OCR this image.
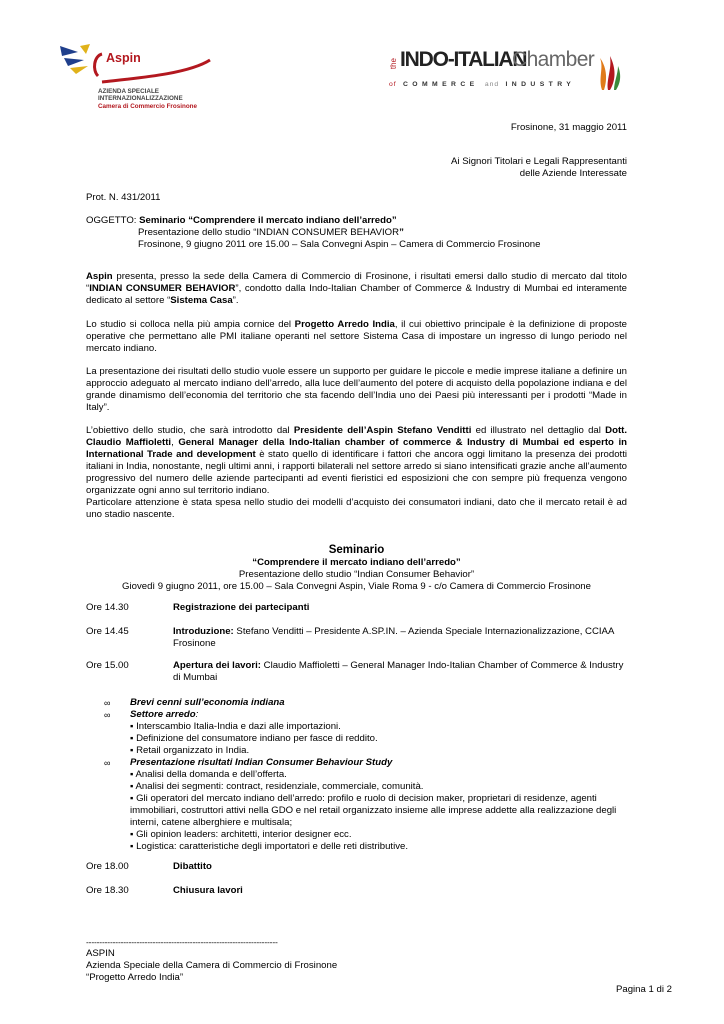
Aspin
AZIENDA SPECIALE
INTERNAZIONALIZZAZIONE
Camera di Commercio Frosinone
the INDO-ITALIAN
Chamber
of COMMERCE and INDUSTRY
Frosinone, 31 maggio 2011
Ai Signori Titolari e Legali Rappresentanti
delle Aziende Interessate
Prot. N. 431/2011
OGGETTO: Seminario “Comprendere il mercato indiano dell’arredo”
Presentazione dello studio “INDIAN CONSUMER BEHAVIOR”
Frosinone, 9 giugno 2011 ore 15.00 – Sala Convegni Aspin – Camera di Commercio Frosinone

Aspin presenta, presso la sede della Camera di Commercio di Frosinone, i risultati emersi dallo studio di mercato dal titolo “INDIAN CONSUMER BEHAVIOR”, condotto dalla Indo-Italian Chamber of Commerce & Industry di Mumbai ed interamente dedicato al settore “Sistema Casa”.

Lo studio si colloca nella più ampia cornice del Progetto Arredo India, il cui obiettivo principale è la definizione di proposte operative che permettano alle PMI italiane operanti nel settore Sistema Casa di impostare un ingresso di lungo periodo nel mercato indiano.

La presentazione dei risultati dello studio vuole essere un supporto per guidare le piccole e medie imprese italiane a definire un approccio adeguato al mercato indiano dell’arredo, alla luce dell’aumento del potere di acquisto della popolazione indiana e del grande dinamismo dell’economia del territorio che sta facendo dell’India uno dei Paesi più interessanti per i prodotti “Made in Italy”.

L’obiettivo dello studio, che sarà introdotto dal Presidente dell’Aspin Stefano Venditti ed illustrato nel dettaglio dal Dott. Claudio Maffioletti, General Manager della Indo-Italian chamber of commerce & Industry di Mumbai ed esperto in International Trade and development è stato quello di identificare i fattori che ancora oggi limitano la presenza dei prodotti italiani in India, nonostante, negli ultimi anni, i rapporti bilaterali nel settore arredo si siano intensificati grazie anche all’aumento progressivo del numero delle aziende partecipanti ad eventi fieristici ed esposizioni che con sempre più frequenza vengono organizzate ogni anno sul territorio indiano.

Particolare attenzione è stata spesa nello studio dei modelli d’acquisto dei consumatori indiani, dato che il mercato retail è ad uno stadio nascente.

Seminario
“Comprendere il mercato indiano dell’arredo”
Presentazione dello studio “Indian Consumer Behavior”
Giovedì 9 giugno 2011, ore 15.00 – Sala Convegni Aspin, Viale Roma 9 - c/o Camera di Commercio Frosinone
Ore 14.30	Registrazione dei partecipanti
Ore 14.45	Introduzione: Stefano Venditti – Presidente A.SP.IN. – Azienda Speciale Internazionalizzazione, CCIAA Frosinone
Ore 15.00	Apertura dei lavori: Claudio Maffioletti – General Manager Indo-Italian Chamber of Commerce & Industry di Mumbai
∞ Brevi cenni sull’economia indiana
∞ Settore arredo:
▪ Interscambio Italia-India e dazi alle importazioni.
▪ Definizione del consumatore indiano per fasce di reddito.
▪ Retail organizzato in India.
∞ Presentazione risultati Indian Consumer Behaviour Study
▪ Analisi della domanda e dell’offerta.
▪ Analisi dei segmenti: contract, residenziale, commerciale, comunità.
▪ Gli operatori del mercato indiano dell’arredo: profilo e ruolo di decision maker, proprietari di residenze, agenti immobiliari, costruttori attivi nella GDO e nel retail organizzato insieme alle imprese addette alla realizzazione degli interni, catene alberghiere e multisala;
▪ Gli opinion leaders: architetti, interior designer ecc.
▪ Logistica: caratteristiche degli importatori e delle reti distributive.
Ore 18.00	Dibattito
Ore 18.30	Chiusura lavori
------------------------------------------------------------------------
ASPIN
Azienda Speciale della Camera di Commercio di Frosinone
“Progetto Arredo India”
Pagina 1 di 2
